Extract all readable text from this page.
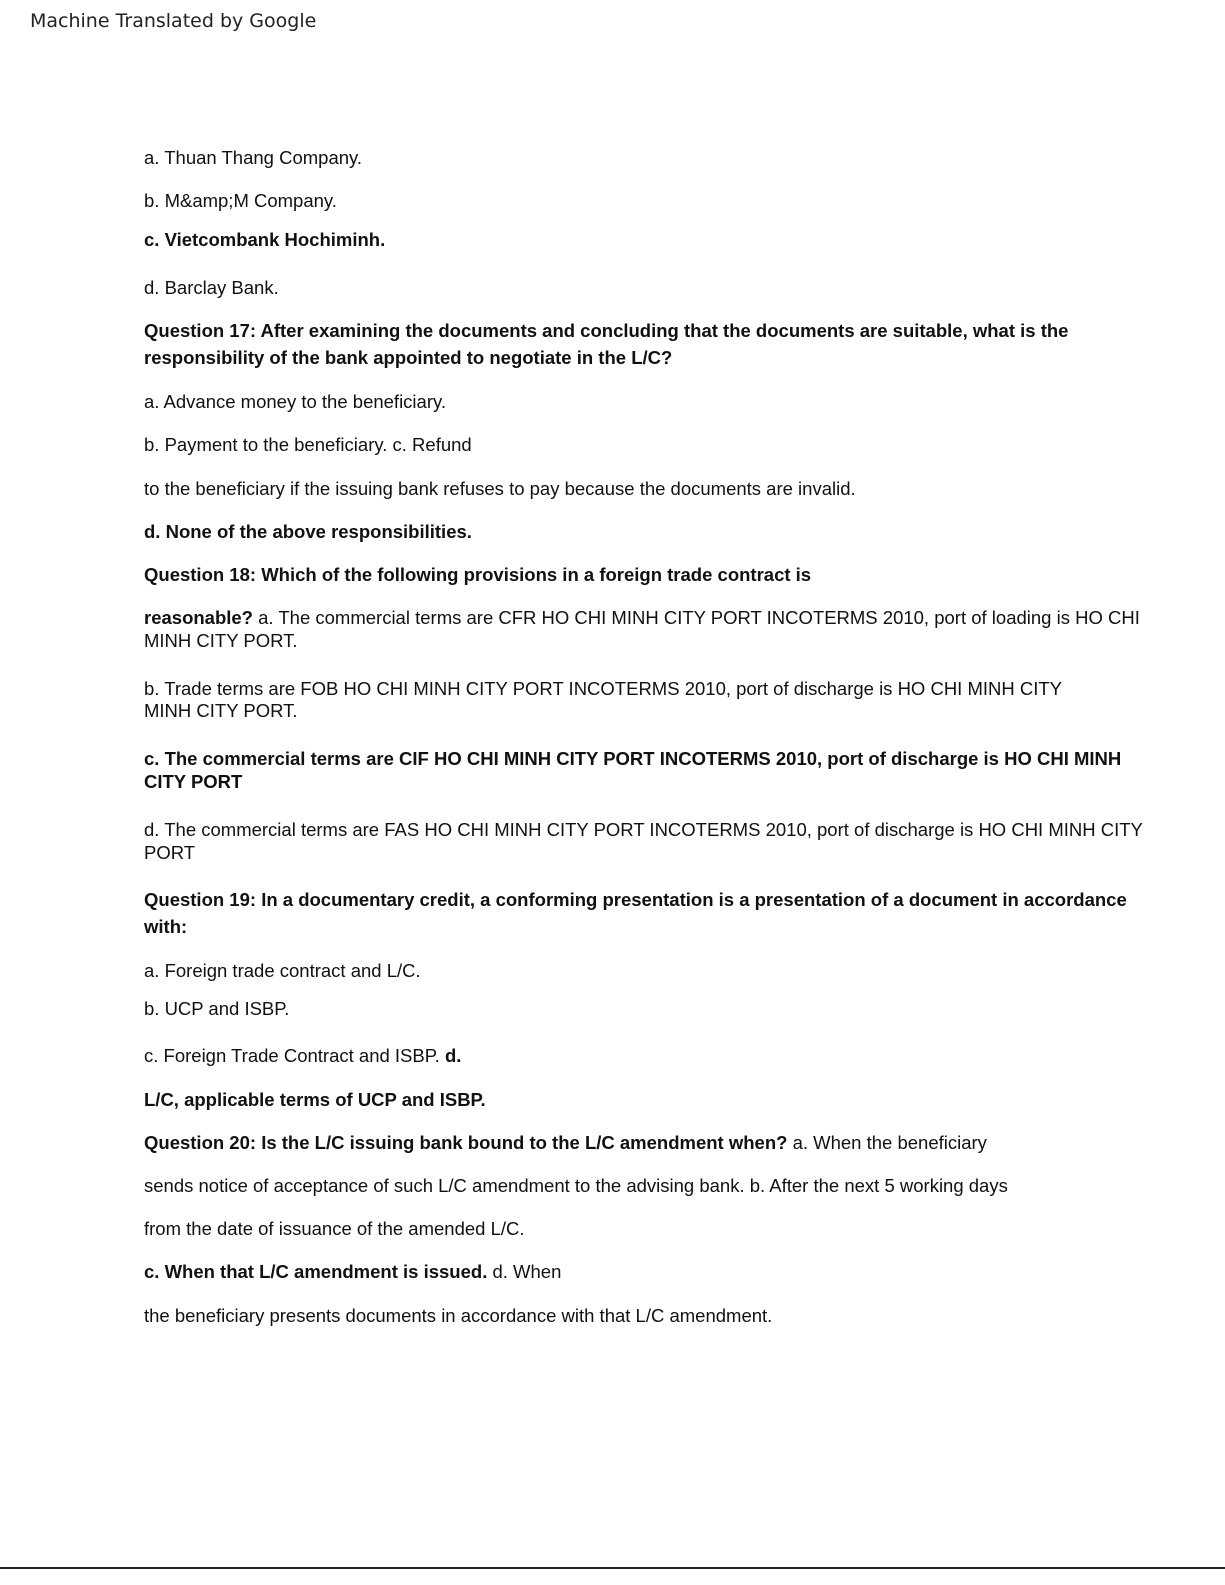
Machine Translated by Google
a. Thuan Thang Company.
b. M&amp;M Company.
c. Vietcombank Hochiminh.
d. Barclay Bank.
Question 17: After examining the documents and concluding that the documents are suitable, what is the
responsibility of the bank appointed to negotiate in the L/C?
a. Advance money to the beneficiary.
b. Payment to the beneficiary. c. Refund
to the beneficiary if the issuing bank refuses to pay because the documents are invalid.
d. None of the above responsibilities.
Question 18: Which of the following provisions in a foreign trade contract is
reasonable? a. The commercial terms are CFR HO CHI MINH CITY PORT INCOTERMS 2010, port of loading is HO CHI
MINH CITY PORT.
b. Trade terms are FOB HO CHI MINH CITY PORT INCOTERMS 2010, port of discharge is HO CHI MINH CITY
MINH CITY PORT.
c. The commercial terms are CIF HO CHI MINH CITY PORT INCOTERMS 2010, port of discharge is HO CHI MINH
CITY PORT
d. The commercial terms are FAS HO CHI MINH CITY PORT INCOTERMS 2010, port of discharge is HO CHI MINH CITY
PORT
Question 19: In a documentary credit, a conforming presentation is a presentation of a document in accordance
with:
a. Foreign trade contract and L/C.
b. UCP and ISBP.
c. Foreign Trade Contract and ISBP. d.
L/C, applicable terms of UCP and ISBP.
Question 20: Is the L/C issuing bank bound to the L/C amendment when? a. When the beneficiary
sends notice of acceptance of such L/C amendment to the advising bank. b. After the next 5 working days
from the date of issuance of the amended L/C.
c. When that L/C amendment is issued. d. When
the beneficiary presents documents in accordance with that L/C amendment.
